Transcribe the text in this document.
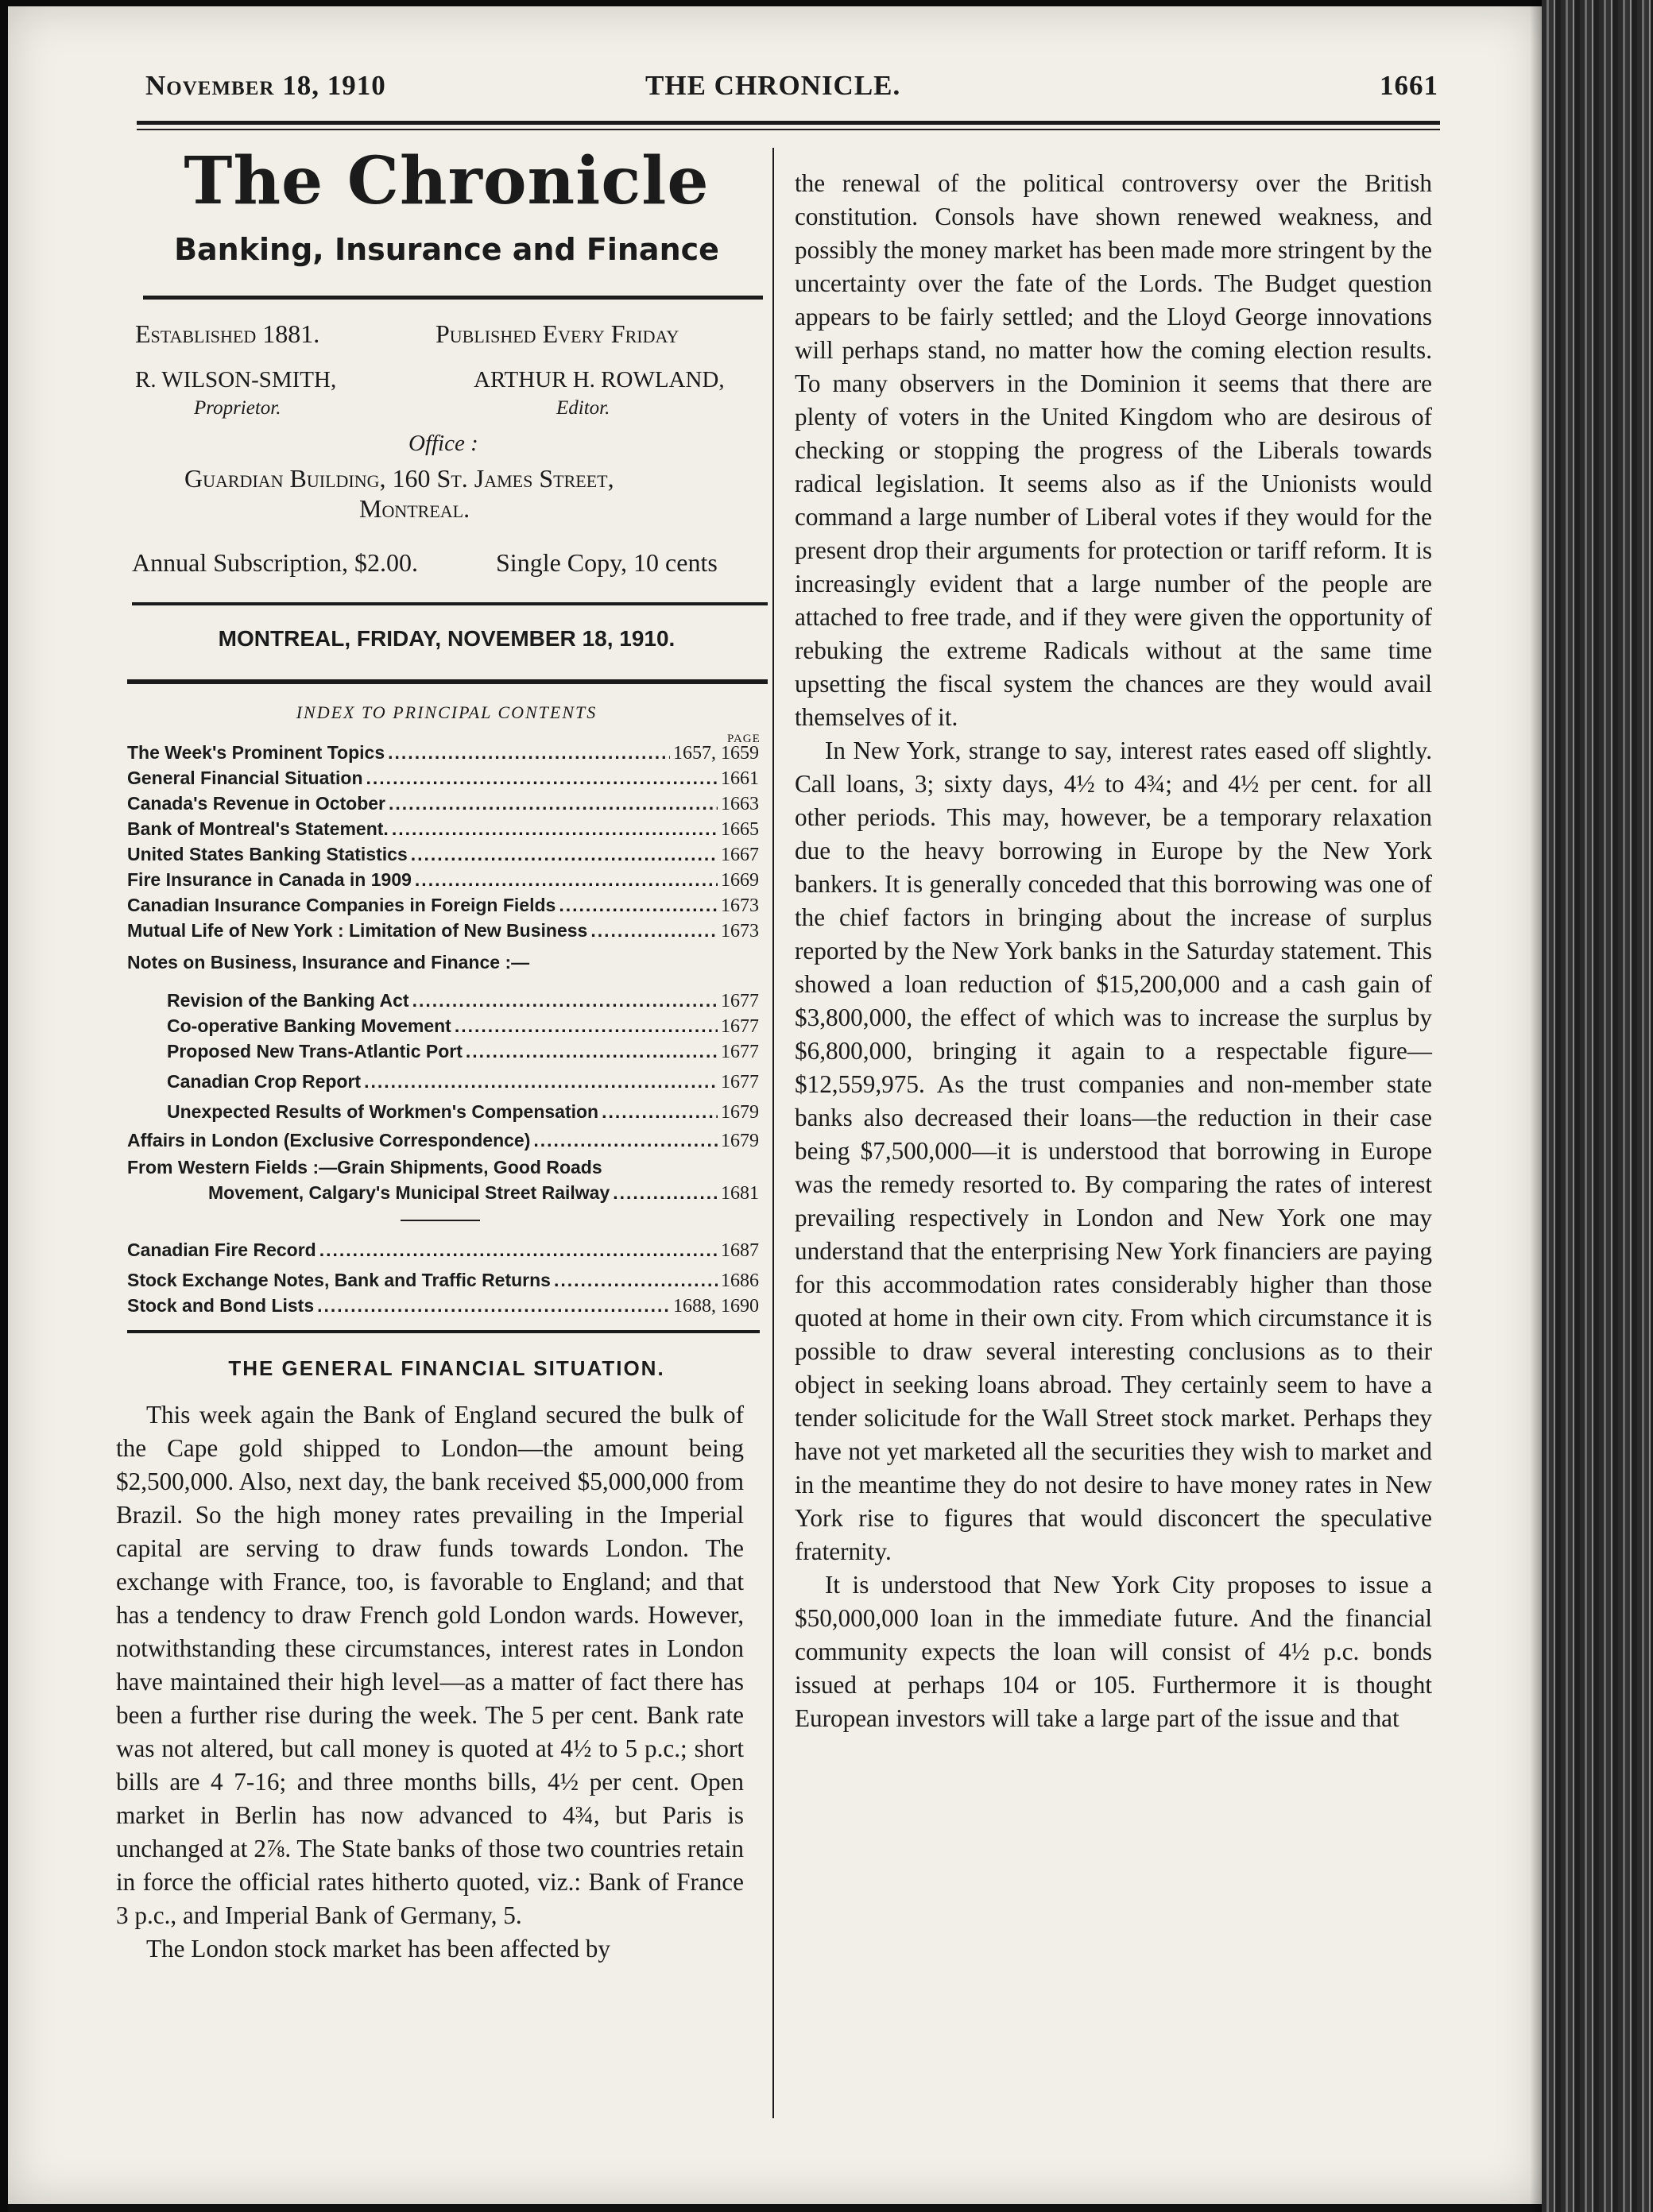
November 18, 1910	THE CHRONICLE.	1661
The Chronicle
Banking, Insurance and Finance
Established 1881.	Published Every Friday
R. WILSON-SMITH,
Proprietor.
ARTHUR H. ROWLAND,
Editor.
Office :
Guardian Building, 160 St. James Street,
Montreal.
Annual Subscription, $2.00.	Single Copy, 10 cents
MONTREAL, FRIDAY, NOVEMBER 18, 1910.
INDEX TO PRINCIPAL CONTENTS
PAGE
The Week's Prominent Topics .....	1657, 1659
General Financial Situation .....	1661
Canada's Revenue in October .....	1663
Bank of Montreal's Statement. .....	1665
United States Banking Statistics .....	1667
Fire Insurance in Canada in 1909 .....	1669
Canadian Insurance Companies in Foreign Fields .....	1673
Mutual Life of New York : Limitation of New Business .....	1673
Notes on Business, Insurance and Finance :—
Revision of the Banking Act .....	1677
Co-operative Banking Movement .....	1677
Proposed New Trans-Atlantic Port .....	1677
Canadian Crop Report .....	1677
Unexpected Results of Workmen's Compensation .....	1679
Affairs in London (Exclusive Correspondence) .....	1679
From Western Fields :—Grain Shipments, Good Roads
Movement, Calgary's Municipal Street Railway .....	1681
Canadian Fire Record .....	1687
Stock Exchange Notes, Bank and Traffic Returns .....	1686
Stock and Bond Lists .....	1688, 1690
THE GENERAL FINANCIAL SITUATION.

This week again the Bank of England secured the bulk of the Cape gold shipped to London—the amount being $2,500,000. Also, next day, the bank received $5,000,000 from Brazil. So the high money rates prevailing in the Imperial capital are serving to draw funds towards London. The exchange with France, too, is favorable to England; and that has a tendency to draw French gold London wards. However, notwithstanding these circumstances, interest rates in London have maintained their high level—as a matter of fact there has been a further rise during the week. The 5 per cent. Bank rate was not altered, but call money is quoted at 4½ to 5 p.c.; short bills are 4 7-16; and three months bills, 4½ per cent. Open market in Berlin has now advanced to 4¾, but Paris is unchanged at 2⅞. The State banks of those two countries retain in force the official rates hitherto quoted, viz.: Bank of France 3 p.c., and Imperial Bank of Germany, 5.

The London stock market has been affected by

the renewal of the political controversy over the British constitution. Consols have shown renewed weakness, and possibly the money market has been made more stringent by the uncertainty over the fate of the Lords. The Budget question appears to be fairly settled; and the Lloyd George innovations will perhaps stand, no matter how the coming election results. To many observers in the Dominion it seems that there are plenty of voters in the United Kingdom who are desirous of checking or stopping the progress of the Liberals towards radical legislation. It seems also as if the Unionists would command a large number of Liberal votes if they would for the present drop their arguments for protection or tariff reform. It is increasingly evident that a large number of the people are attached to free trade, and if they were given the opportunity of rebuking the extreme Radicals without at the same time upsetting the fiscal system the chances are they would avail themselves of it.

In New York, strange to say, interest rates eased off slightly. Call loans, 3; sixty days, 4½ to 4¾; and 4½ per cent. for all other periods. This may, however, be a temporary relaxation due to the heavy borrowing in Europe by the New York bankers. It is generally conceded that this borrowing was one of the chief factors in bringing about the increase of surplus reported by the New York banks in the Saturday statement. This showed a loan reduction of $15,200,000 and a cash gain of $3,800,000, the effect of which was to increase the surplus by $6,800,000, bringing it again to a respectable figure—$12,559,975. As the trust companies and non-member state banks also decreased their loans—the reduction in their case being $7,500,000—it is understood that borrowing in Europe was the remedy resorted to. By comparing the rates of interest prevailing respectively in London and New York one may understand that the enterprising New York financiers are paying for this accommodation rates considerably higher than those quoted at home in their own city. From which circumstance it is possible to draw several interesting conclusions as to their object in seeking loans abroad. They certainly seem to have a tender solicitude for the Wall Street stock market. Perhaps they have not yet marketed all the securities they wish to market and in the meantime they do not desire to have money rates in New York rise to figures that would disconcert the speculative fraternity.

It is understood that New York City proposes to issue a $50,000,000 loan in the immediate future. And the financial community expects the loan will consist of 4½ p.c. bonds issued at perhaps 104 or 105. Furthermore it is thought European investors will take a large part of the issue and that
